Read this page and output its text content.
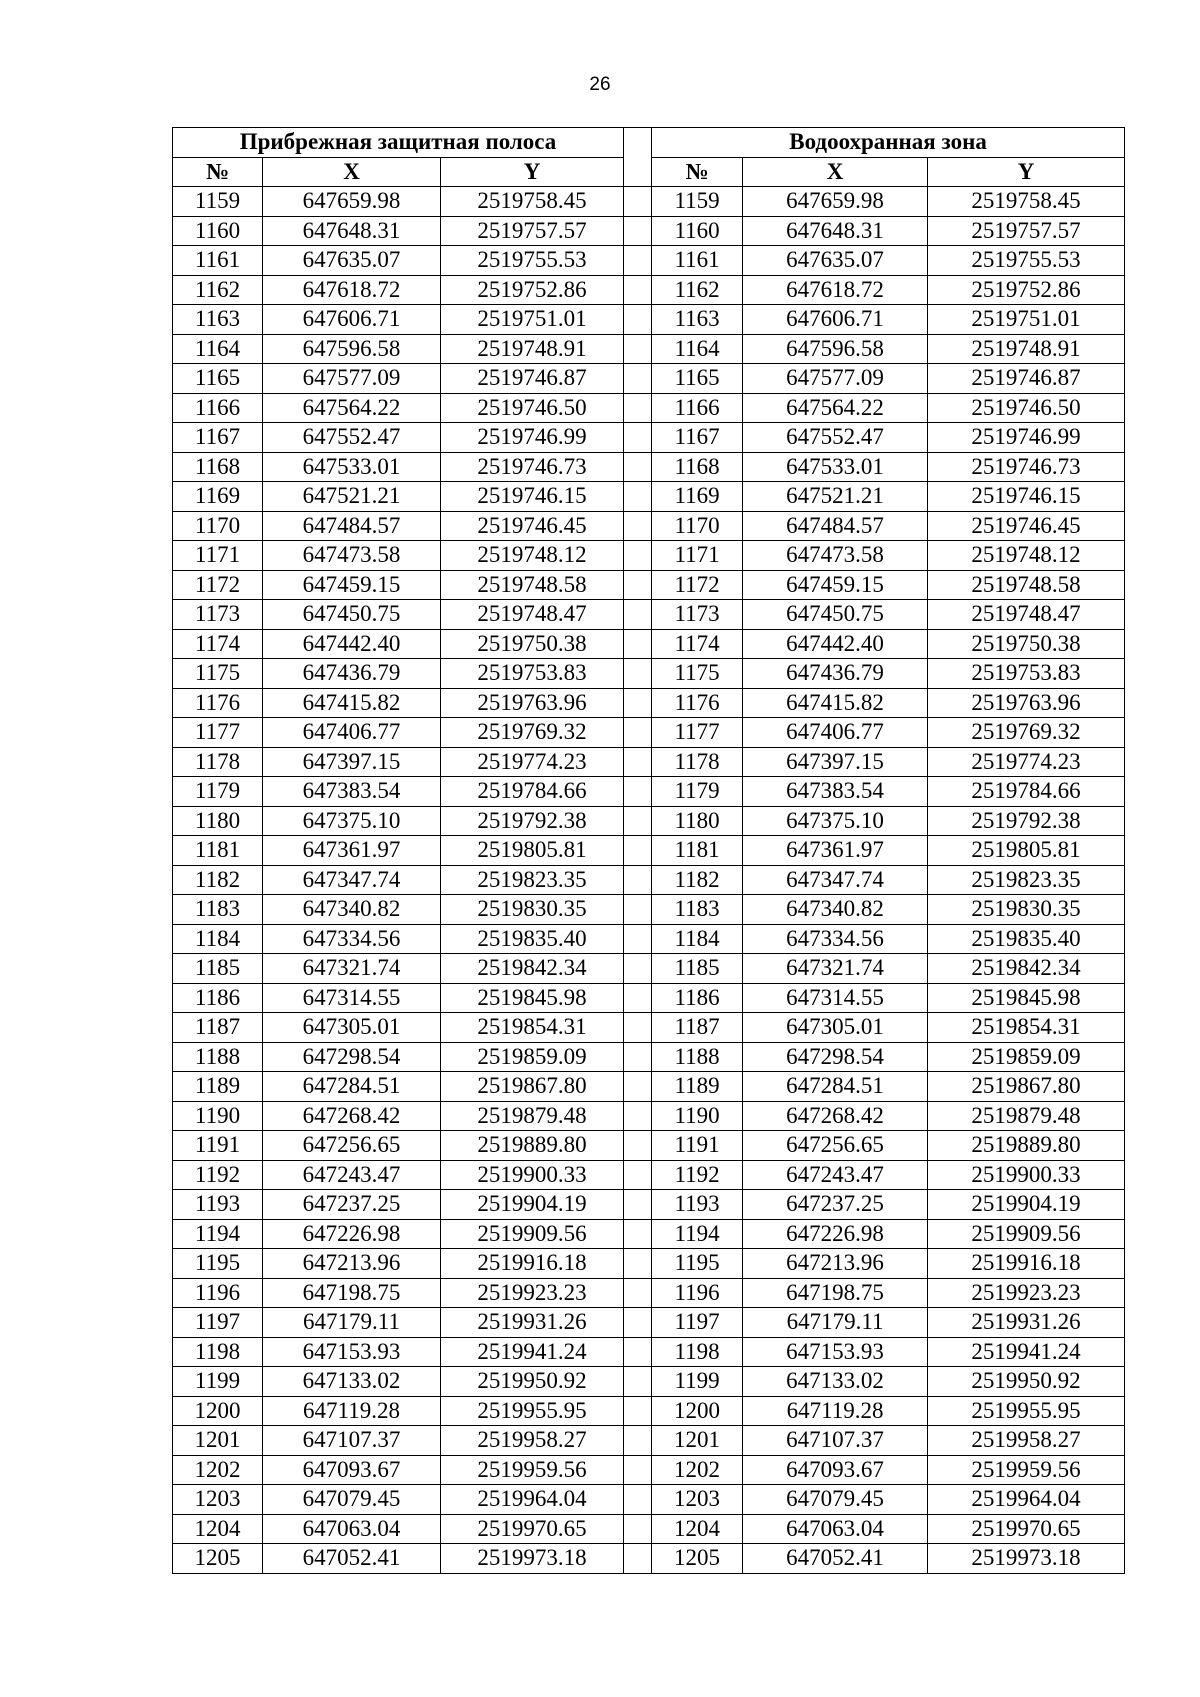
26
Прибрежная защитная полоса				Водоохранная зона		
№	X	Y		№	X	Y
1159	647659.98	2519758.45		1159	647659.98	2519758.45
1160	647648.31	2519757.57		1160	647648.31	2519757.57
1161	647635.07	2519755.53		1161	647635.07	2519755.53
1162	647618.72	2519752.86		1162	647618.72	2519752.86
1163	647606.71	2519751.01		1163	647606.71	2519751.01
1164	647596.58	2519748.91		1164	647596.58	2519748.91
1165	647577.09	2519746.87		1165	647577.09	2519746.87
1166	647564.22	2519746.50		1166	647564.22	2519746.50
1167	647552.47	2519746.99		1167	647552.47	2519746.99
1168	647533.01	2519746.73		1168	647533.01	2519746.73
1169	647521.21	2519746.15		1169	647521.21	2519746.15
1170	647484.57	2519746.45		1170	647484.57	2519746.45
1171	647473.58	2519748.12		1171	647473.58	2519748.12
1172	647459.15	2519748.58		1172	647459.15	2519748.58
1173	647450.75	2519748.47		1173	647450.75	2519748.47
1174	647442.40	2519750.38		1174	647442.40	2519750.38
1175	647436.79	2519753.83		1175	647436.79	2519753.83
1176	647415.82	2519763.96		1176	647415.82	2519763.96
1177	647406.77	2519769.32		1177	647406.77	2519769.32
1178	647397.15	2519774.23		1178	647397.15	2519774.23
1179	647383.54	2519784.66		1179	647383.54	2519784.66
1180	647375.10	2519792.38		1180	647375.10	2519792.38
1181	647361.97	2519805.81		1181	647361.97	2519805.81
1182	647347.74	2519823.35		1182	647347.74	2519823.35
1183	647340.82	2519830.35		1183	647340.82	2519830.35
1184	647334.56	2519835.40		1184	647334.56	2519835.40
1185	647321.74	2519842.34		1185	647321.74	2519842.34
1186	647314.55	2519845.98		1186	647314.55	2519845.98
1187	647305.01	2519854.31		1187	647305.01	2519854.31
1188	647298.54	2519859.09		1188	647298.54	2519859.09
1189	647284.51	2519867.80		1189	647284.51	2519867.80
1190	647268.42	2519879.48		1190	647268.42	2519879.48
1191	647256.65	2519889.80		1191	647256.65	2519889.80
1192	647243.47	2519900.33		1192	647243.47	2519900.33
1193	647237.25	2519904.19		1193	647237.25	2519904.19
1194	647226.98	2519909.56		1194	647226.98	2519909.56
1195	647213.96	2519916.18		1195	647213.96	2519916.18
1196	647198.75	2519923.23		1196	647198.75	2519923.23
1197	647179.11	2519931.26		1197	647179.11	2519931.26
1198	647153.93	2519941.24		1198	647153.93	2519941.24
1199	647133.02	2519950.92		1199	647133.02	2519950.92
1200	647119.28	2519955.95		1200	647119.28	2519955.95
1201	647107.37	2519958.27		1201	647107.37	2519958.27
1202	647093.67	2519959.56		1202	647093.67	2519959.56
1203	647079.45	2519964.04		1203	647079.45	2519964.04
1204	647063.04	2519970.65		1204	647063.04	2519970.65
1205	647052.41	2519973.18		1205	647052.41	2519973.18
